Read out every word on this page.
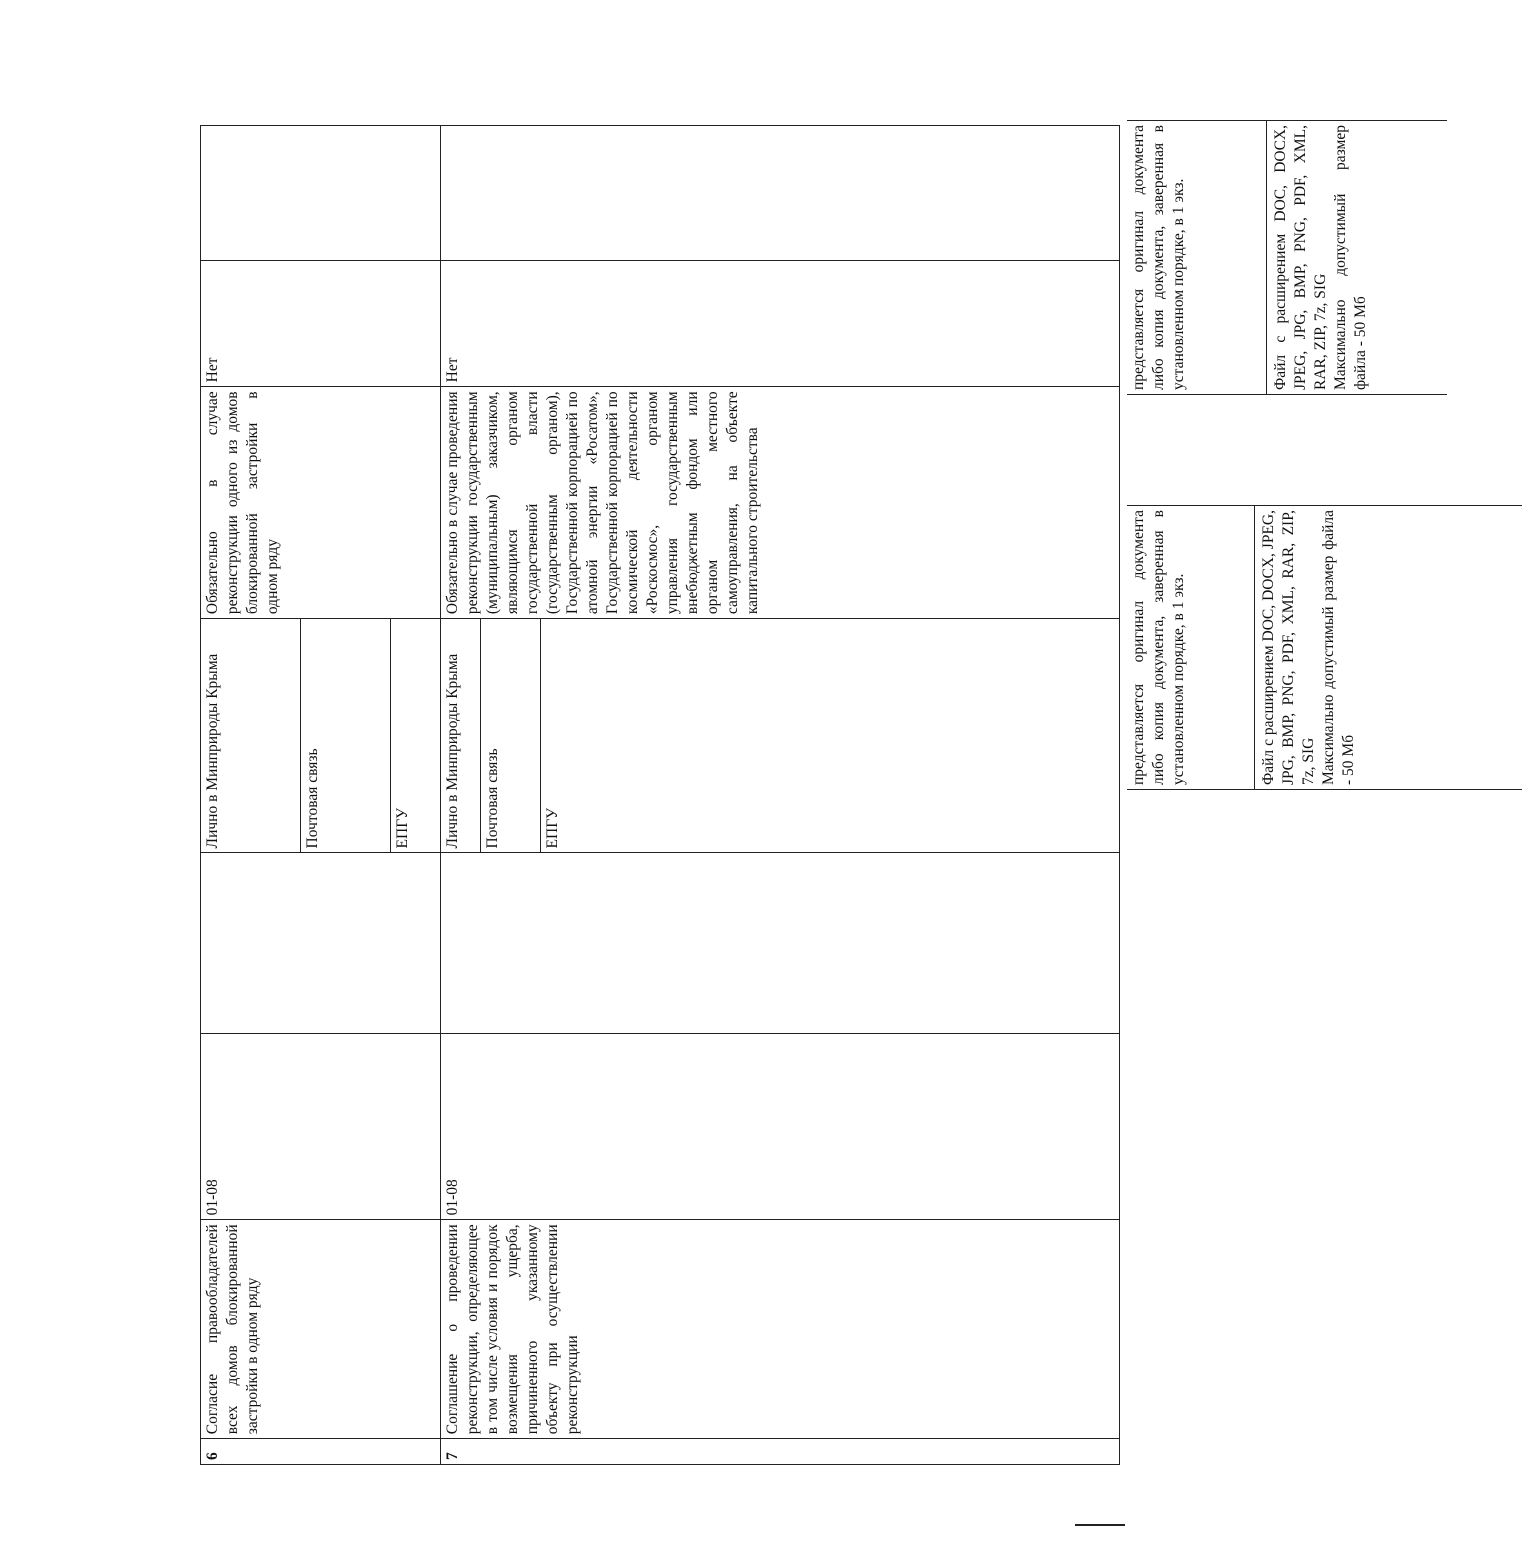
6	Согласие правообладателей всех домов блокированной застройки в одном ряду	01-08		Лично в Минприроды Крыма	Обязательно в случае реконструкции одного из домов блокированной застройки в одном ряду	Нет	
				Почтовая связь			
				ЕПГУ			
7	Соглашение о проведении реконструкции, определяющее в том числе условия и порядок возмещения ущерба, причиненного указанному объекту при осуществлении реконструкции	01-08		Лично в Минприроды Крыма	Обязательно в случае проведения реконструкции государственным (муниципальным) заказчиком, являющимся органом государственной власти (государственным органом), Государственной корпорацией по атомной энергии «Росатом», Государственной корпорацией по космической деятельности «Роскосмос», органом управления государственным внебюджетным фондом или органом местного самоуправления, на объекте капитального строительства	Нет	
				Почтовая связь			
				ЕПГУ			
представляется оригинал документа либо копия документа, заверенная в установленном порядке, в 1 экз.	Файл с расширением DOC, DOCX, JPEG, JPG, BMP, PNG, PDF, XML, RAR, ZIP, 7z, SIG Максимально допустимый размер файла - 50 Мб
представляется оригинал документа либо копия документа, заверенная в установленном порядке, в 1 экз.	Файл с расширением DOC, DOCX, JPEG, JPG, BMP, PNG, PDF, XML, RAR, ZIP, 7z, SIG Максимально допустимый размер файла - 50 Мб
